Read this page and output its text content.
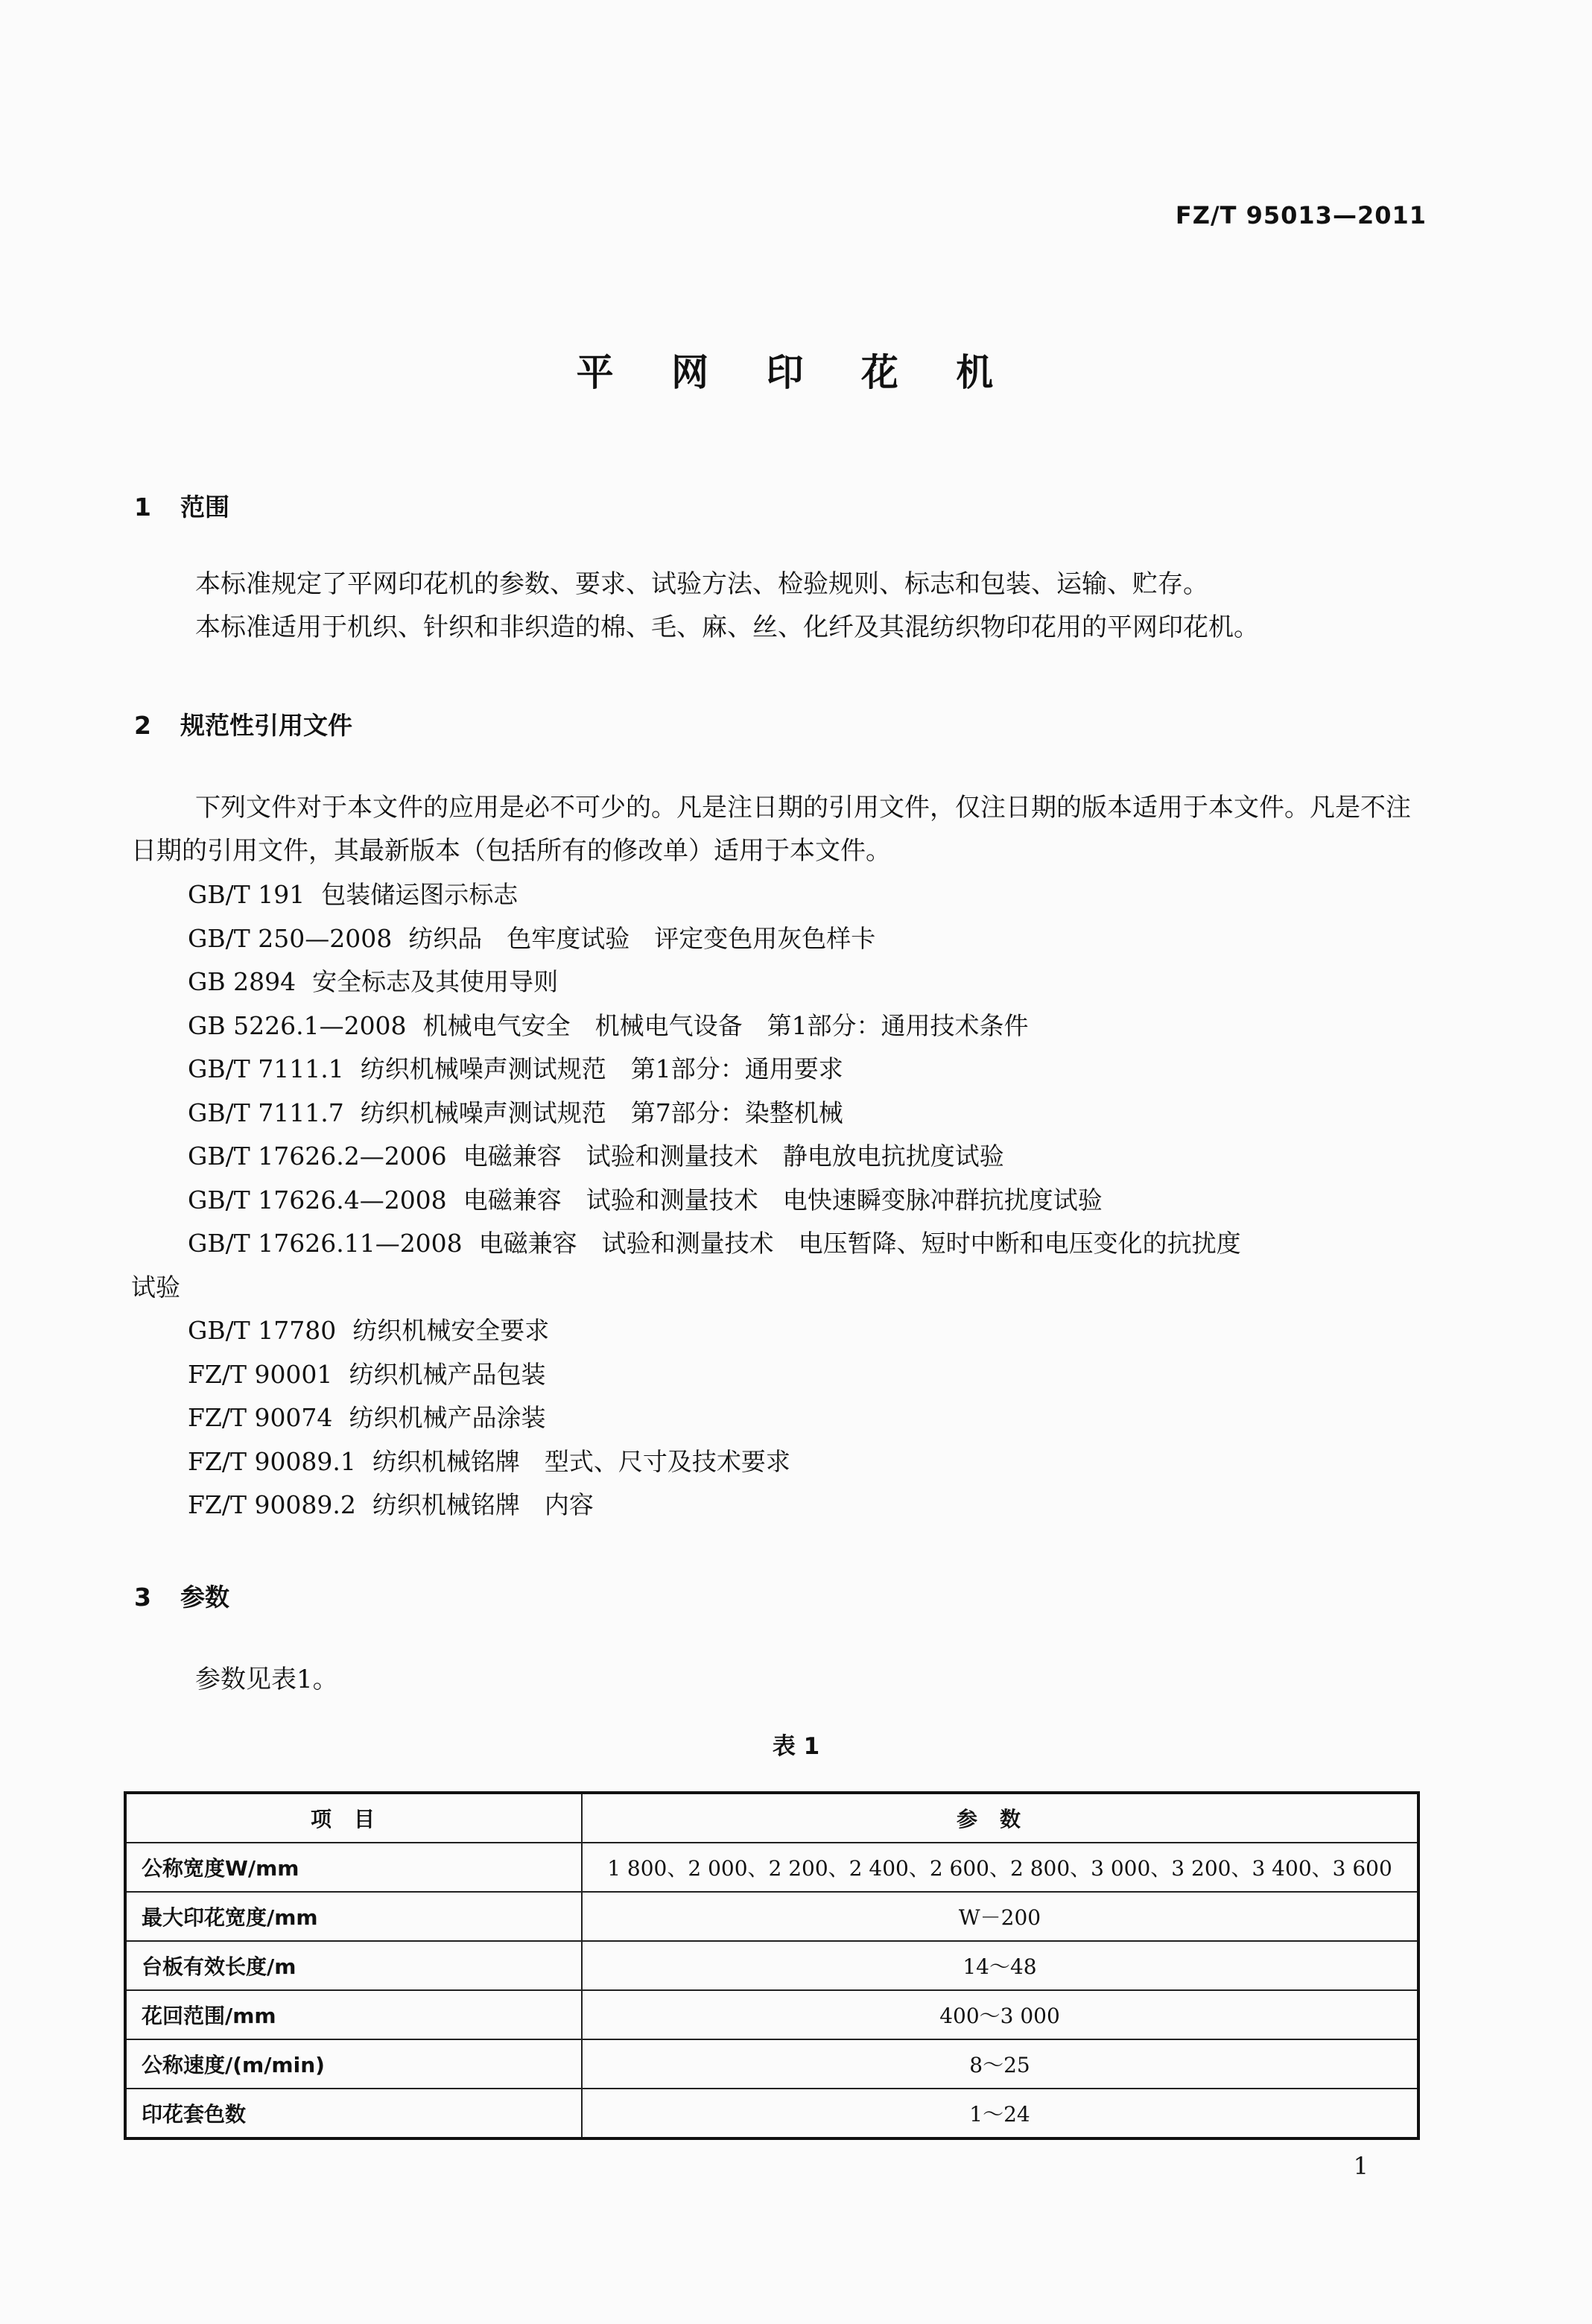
FZ/T 95013—2011
平 网 印 花 机
1 范围
本标准规定了平网印花机的参数、要求、试验方法、检验规则、标志和包装、运输、贮存。
本标准适用于机织、针织和非织造的棉、毛、麻、丝、化纤及其混纺织物印花用的平网印花机。
2 规范性引用文件
下列文件对于本文件的应用是必不可少的。凡是注日期的引用文件，仅注日期的版本适用于本文件。凡是不注日期的引用文件，其最新版本（包括所有的修改单）适用于本文件。
GB/T 191 包装储运图示标志
GB/T 250—2008 纺织品　色牢度试验　评定变色用灰色样卡
GB 2894 安全标志及其使用导则
GB 5226.1—2008 机械电气安全　机械电气设备　第1部分：通用技术条件
GB/T 7111.1 纺织机械噪声测试规范　第1部分：通用要求
GB/T 7111.7 纺织机械噪声测试规范　第7部分：染整机械
GB/T 17626.2—2006 电磁兼容　试验和测量技术　静电放电抗扰度试验
GB/T 17626.4—2008 电磁兼容　试验和测量技术　电快速瞬变脉冲群抗扰度试验
GB/T 17626.11—2008 电磁兼容　试验和测量技术　电压暂降、短时中断和电压变化的抗扰度
试验
GB/T 17780 纺织机械安全要求
FZ/T 90001 纺织机械产品包装
FZ/T 90074 纺织机械产品涂装
FZ/T 90089.1 纺织机械铭牌　型式、尺寸及技术要求
FZ/T 90089.2 纺织机械铭牌　内容
3 参数
参数见表1。
表 1
项目	参数
公称宽度W/mm	1 800、2 000、2 200、2 400、2 600、2 800、3 000、3 200、3 400、3 600
最大印花宽度/mm	W－200
台板有效长度/m	14～48
花回范围/mm	400～3 000
公称速度/(m/min)	8～25
印花套色数	1～24
1
